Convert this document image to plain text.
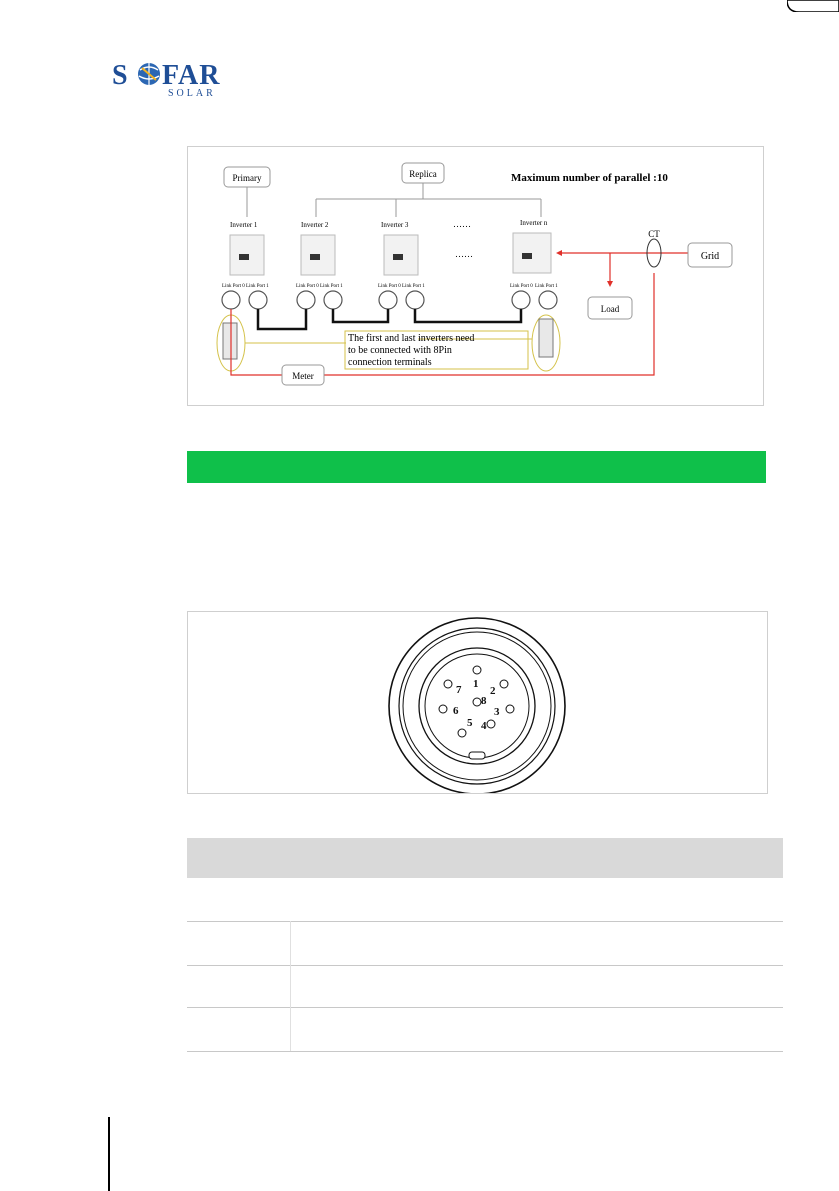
S FAR
SOLAR
Primary	Replica	Maximum number of parallel :10
Inverter 1	Inverter 2	Inverter 3	……	Inverter n
……
Link Port 0 Link Port 1	Link Port 0 Link Port 1	Link Port 0 Link Port 1	Link Port 0 Link Port 1
The first and last inverters need
to be connected with 8Pin
connection terminals
Meter
Load
CT
Grid
1
2
3
4
5
6
7
8
